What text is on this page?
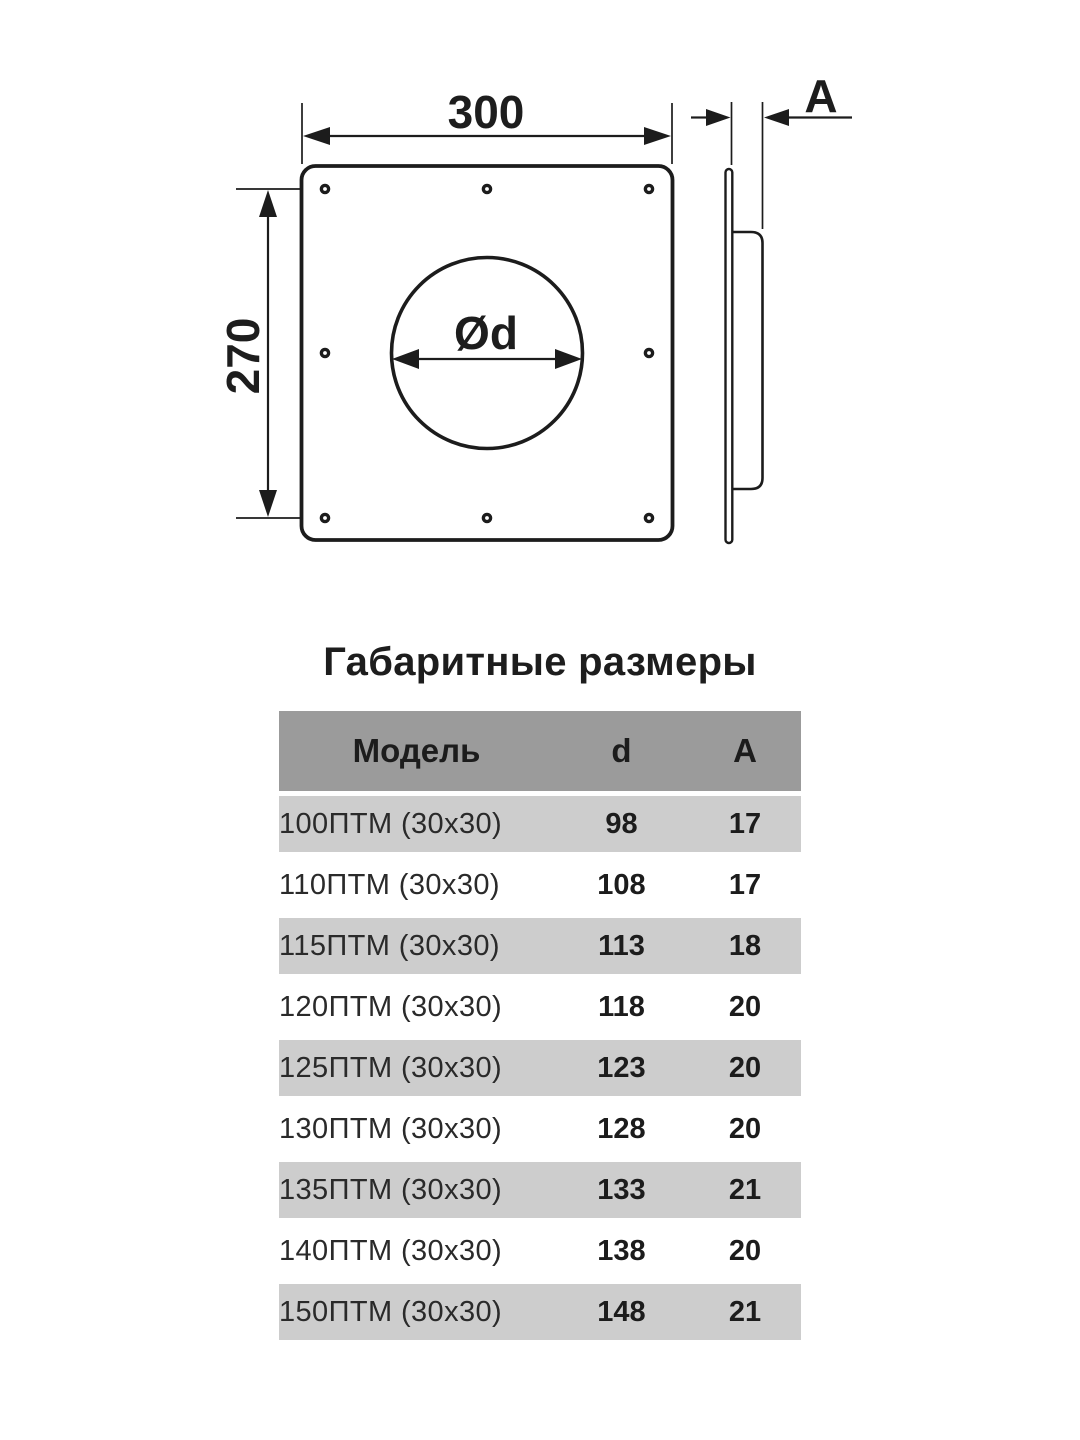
300
270	Ød
A
Габаритные размеры
Модель	d	A
100ПТМ (30х30)	98	17
110ПТМ (30х30)	108	17
115ПТМ (30х30)	113	18
120ПТМ (30х30)	118	20
125ПТМ (30х30)	123	20
130ПТМ (30х30)	128	20
135ПТМ (30х30)	133	21
140ПТМ (30х30)	138	20
150ПТМ (30х30)	148	21
